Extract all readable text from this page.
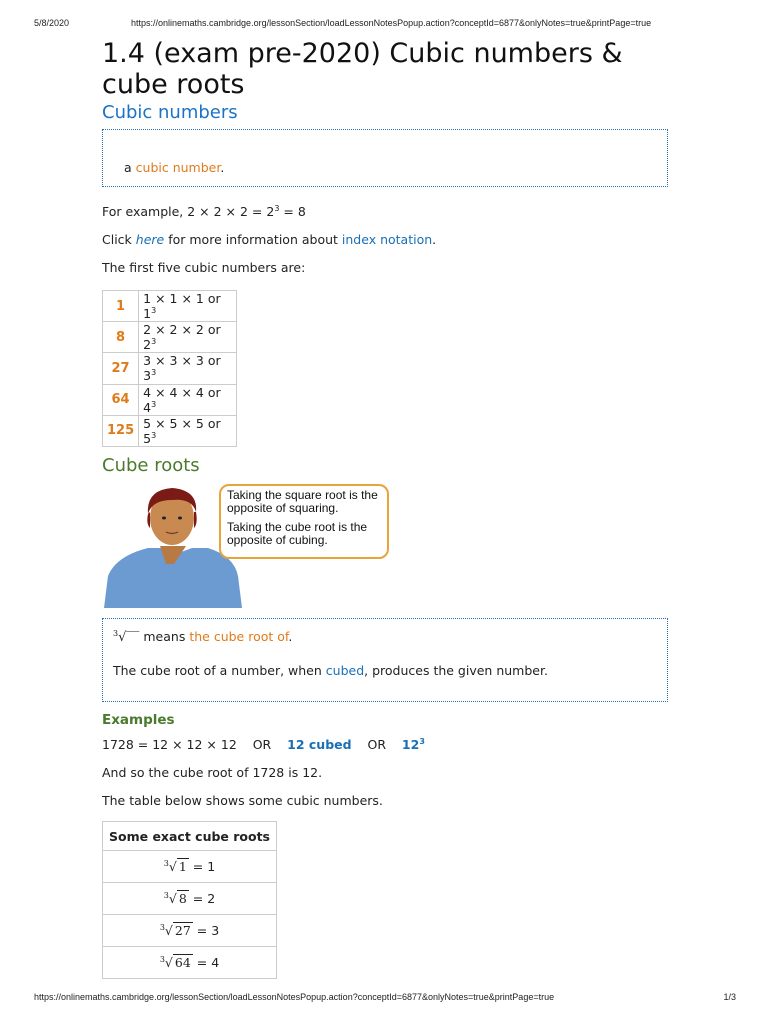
5/8/2020	https://onlinemaths.cambridge.org/lessonSection/loadLessonNotesPopup.action?conceptId=6877&onlyNotes=true&printPage=true
1.4 (exam pre-2020) Cubic numbers & cube roots
Cubic numbers
a cubic number.

For example, $2 \times 2 \times 2 = 2^3 = 8$

Click here for more information about index notation.

The first five cubic numbers are:

1	1 × 1 × 1 or $1^3$
8	2 × 2 × 2 or $2^3$
27	3 × 3 × 3 or $3^3$
64	4 × 4 × 4 or $4^3$
125	5 × 5 × 5 or $5^3$
Cube roots
Taking the square root is the opposite of squaring.
Taking the cube root is the opposite of cubing.
$^3$√‾‾ means the cube root of.
The cube root of a number, when cubed, produces the given number.
Examples

1728 = 12 × 12 × 12 OR 12 cubed OR $12^3$

And so the cube root of 1728 is 12.

The table below shows some cubic numbers.

Some exact cube roots
$^3$√ 1 = 1
$^3$√ 8 = 2
$^3$√ 27 = 3
$^3$√ 64 = 4
https://onlinemaths.cambridge.org/lessonSection/loadLessonNotesPopup.action?conceptId=6877&onlyNotes=true&printPage=true	1/3
